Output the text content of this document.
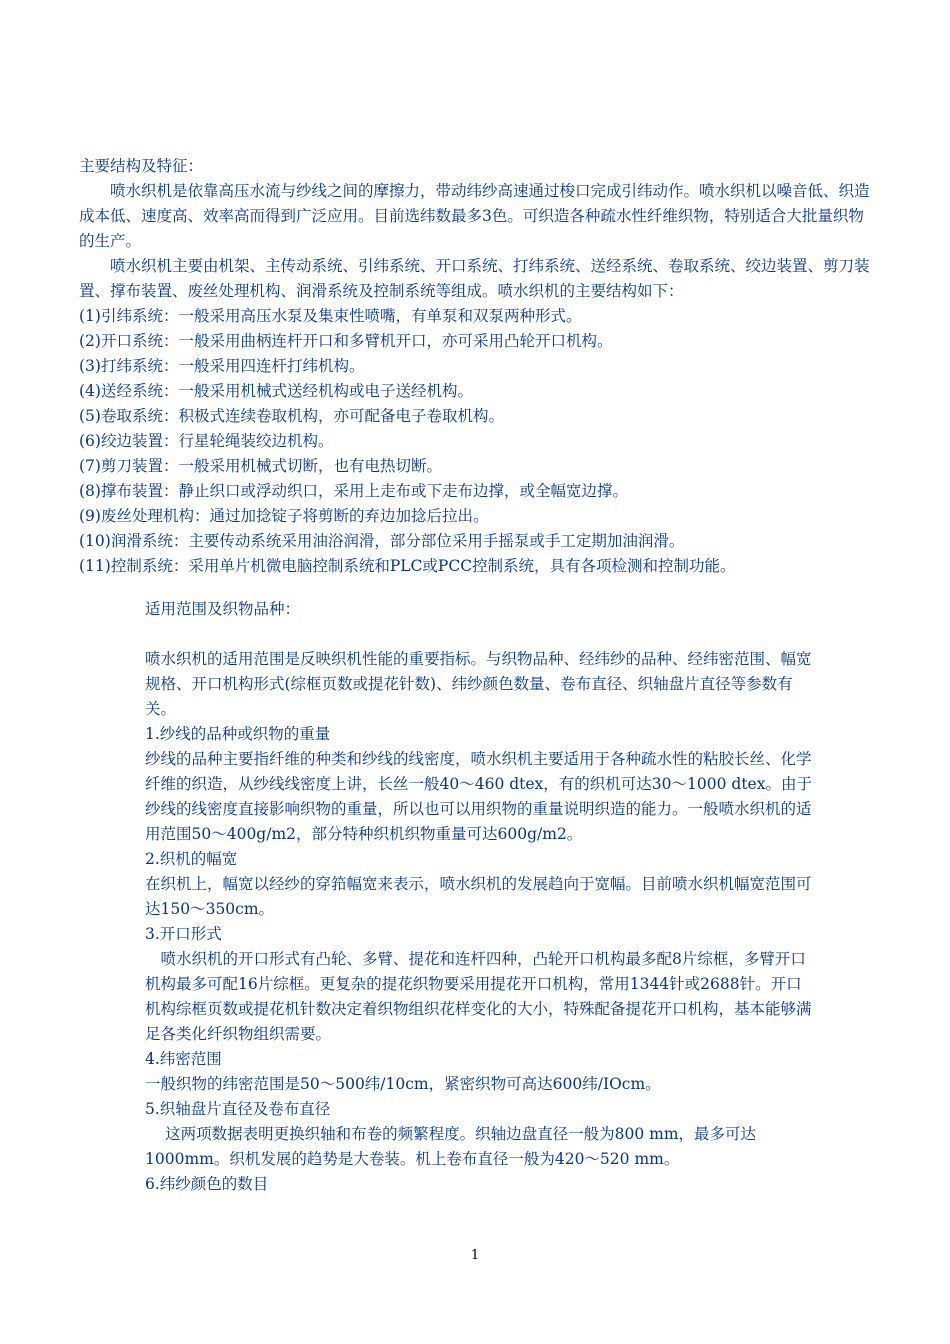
主要结构及特征：

喷水织机是依靠高压水流与纱线之间的摩擦力，带动纬纱高速通过梭口完成引纬动作。喷水织机以噪音低、织造成本低、速度高、效率高而得到广泛应用。目前选纬数最多3色。可织造各种疏水性纤维织物，特别适合大批量织物的生产。

喷水织机主要由机架、主传动系统、引纬系统、开口系统、打纬系统、送经系统、卷取系统、绞边装置、剪刀装置、撑布装置、废丝处理机构、润滑系统及控制系统等组成。喷水织机的主要结构如下：

(1)引纬系统：一般采用高压水泵及集束性喷嘴，有单泵和双泵两种形式。

(2)开口系统：一般采用曲柄连杆开口和多臂机开口，亦可采用凸轮开口机构。

(3)打纬系统：一般采用四连杆打纬机构。

(4)送经系统：一般采用机械式送经机构或电子送经机构。

(5)卷取系统：积极式连续卷取机构，亦可配备电子卷取机构。

(6)绞边装置：行星轮绳装绞边机构。

(7)剪刀装置：一般采用机械式切断，也有电热切断。

(8)撑布装置：静止织口或浮动织口，采用上走布或下走布边撑，或全幅宽边撑。

(9)废丝处理机构：通过加捻锭子将剪断的弃边加捻后拉出。

(10)润滑系统：主要传动系统采用油浴润滑，部分部位采用手摇泵或手工定期加油润滑。

(11)控制系统：采用单片机微电脑控制系统和PLC或PCC控制系统，具有各项检测和控制功能。

适用范围及织物品种：

喷水织机的适用范围是反映织机性能的重要指标。与织物品种、经纬纱的品种、经纬密范围、幅宽规格、开口机构形式(综框页数或提花针数)、纬纱颜色数量、卷布直径、织轴盘片直径等参数有关。

1.纱线的品种或织物的重量

纱线的品种主要指纤维的种类和纱线的线密度，喷水织机主要适用于各种疏水性的粘胶长丝、化学纤维的织造，从纱线线密度上讲，长丝一般40～460 dtex，有的织机可达30～1000 dtex。由于纱线的线密度直接影响织物的重量，所以也可以用织物的重量说明织造的能力。一般喷水织机的适用范围50～400g/m2，部分特种织机织物重量可达600g/m2。

2.织机的幅宽

在织机上，幅宽以经纱的穿筘幅宽来表示，喷水织机的发展趋向于宽幅。目前喷水织机幅宽范围可达150～350cm。

3.开口形式

喷水织机的开口形式有凸轮、多臂、提花和连杆四种，凸轮开口机构最多配8片综框，多臂开口机构最多可配16片综框。更复杂的提花织物要采用提花开口机构，常用1344针或2688针。开口机构综框页数或提花机针数决定着织物组织花样变化的大小，特殊配备提花开口机构，基本能够满足各类化纤织物组织需要。

4.纬密范围

一般织物的纬密范围是50～500纬/10cm，紧密织物可高达600纬/IOcm。

5.织轴盘片直径及卷布直径

这两项数据表明更换织轴和布卷的频繁程度。织轴边盘直径一般为800 mm，最多可达1000mm。织机发展的趋势是大卷装。机上卷布直径一般为420～520 mm。

6.纬纱颜色的数目

1
